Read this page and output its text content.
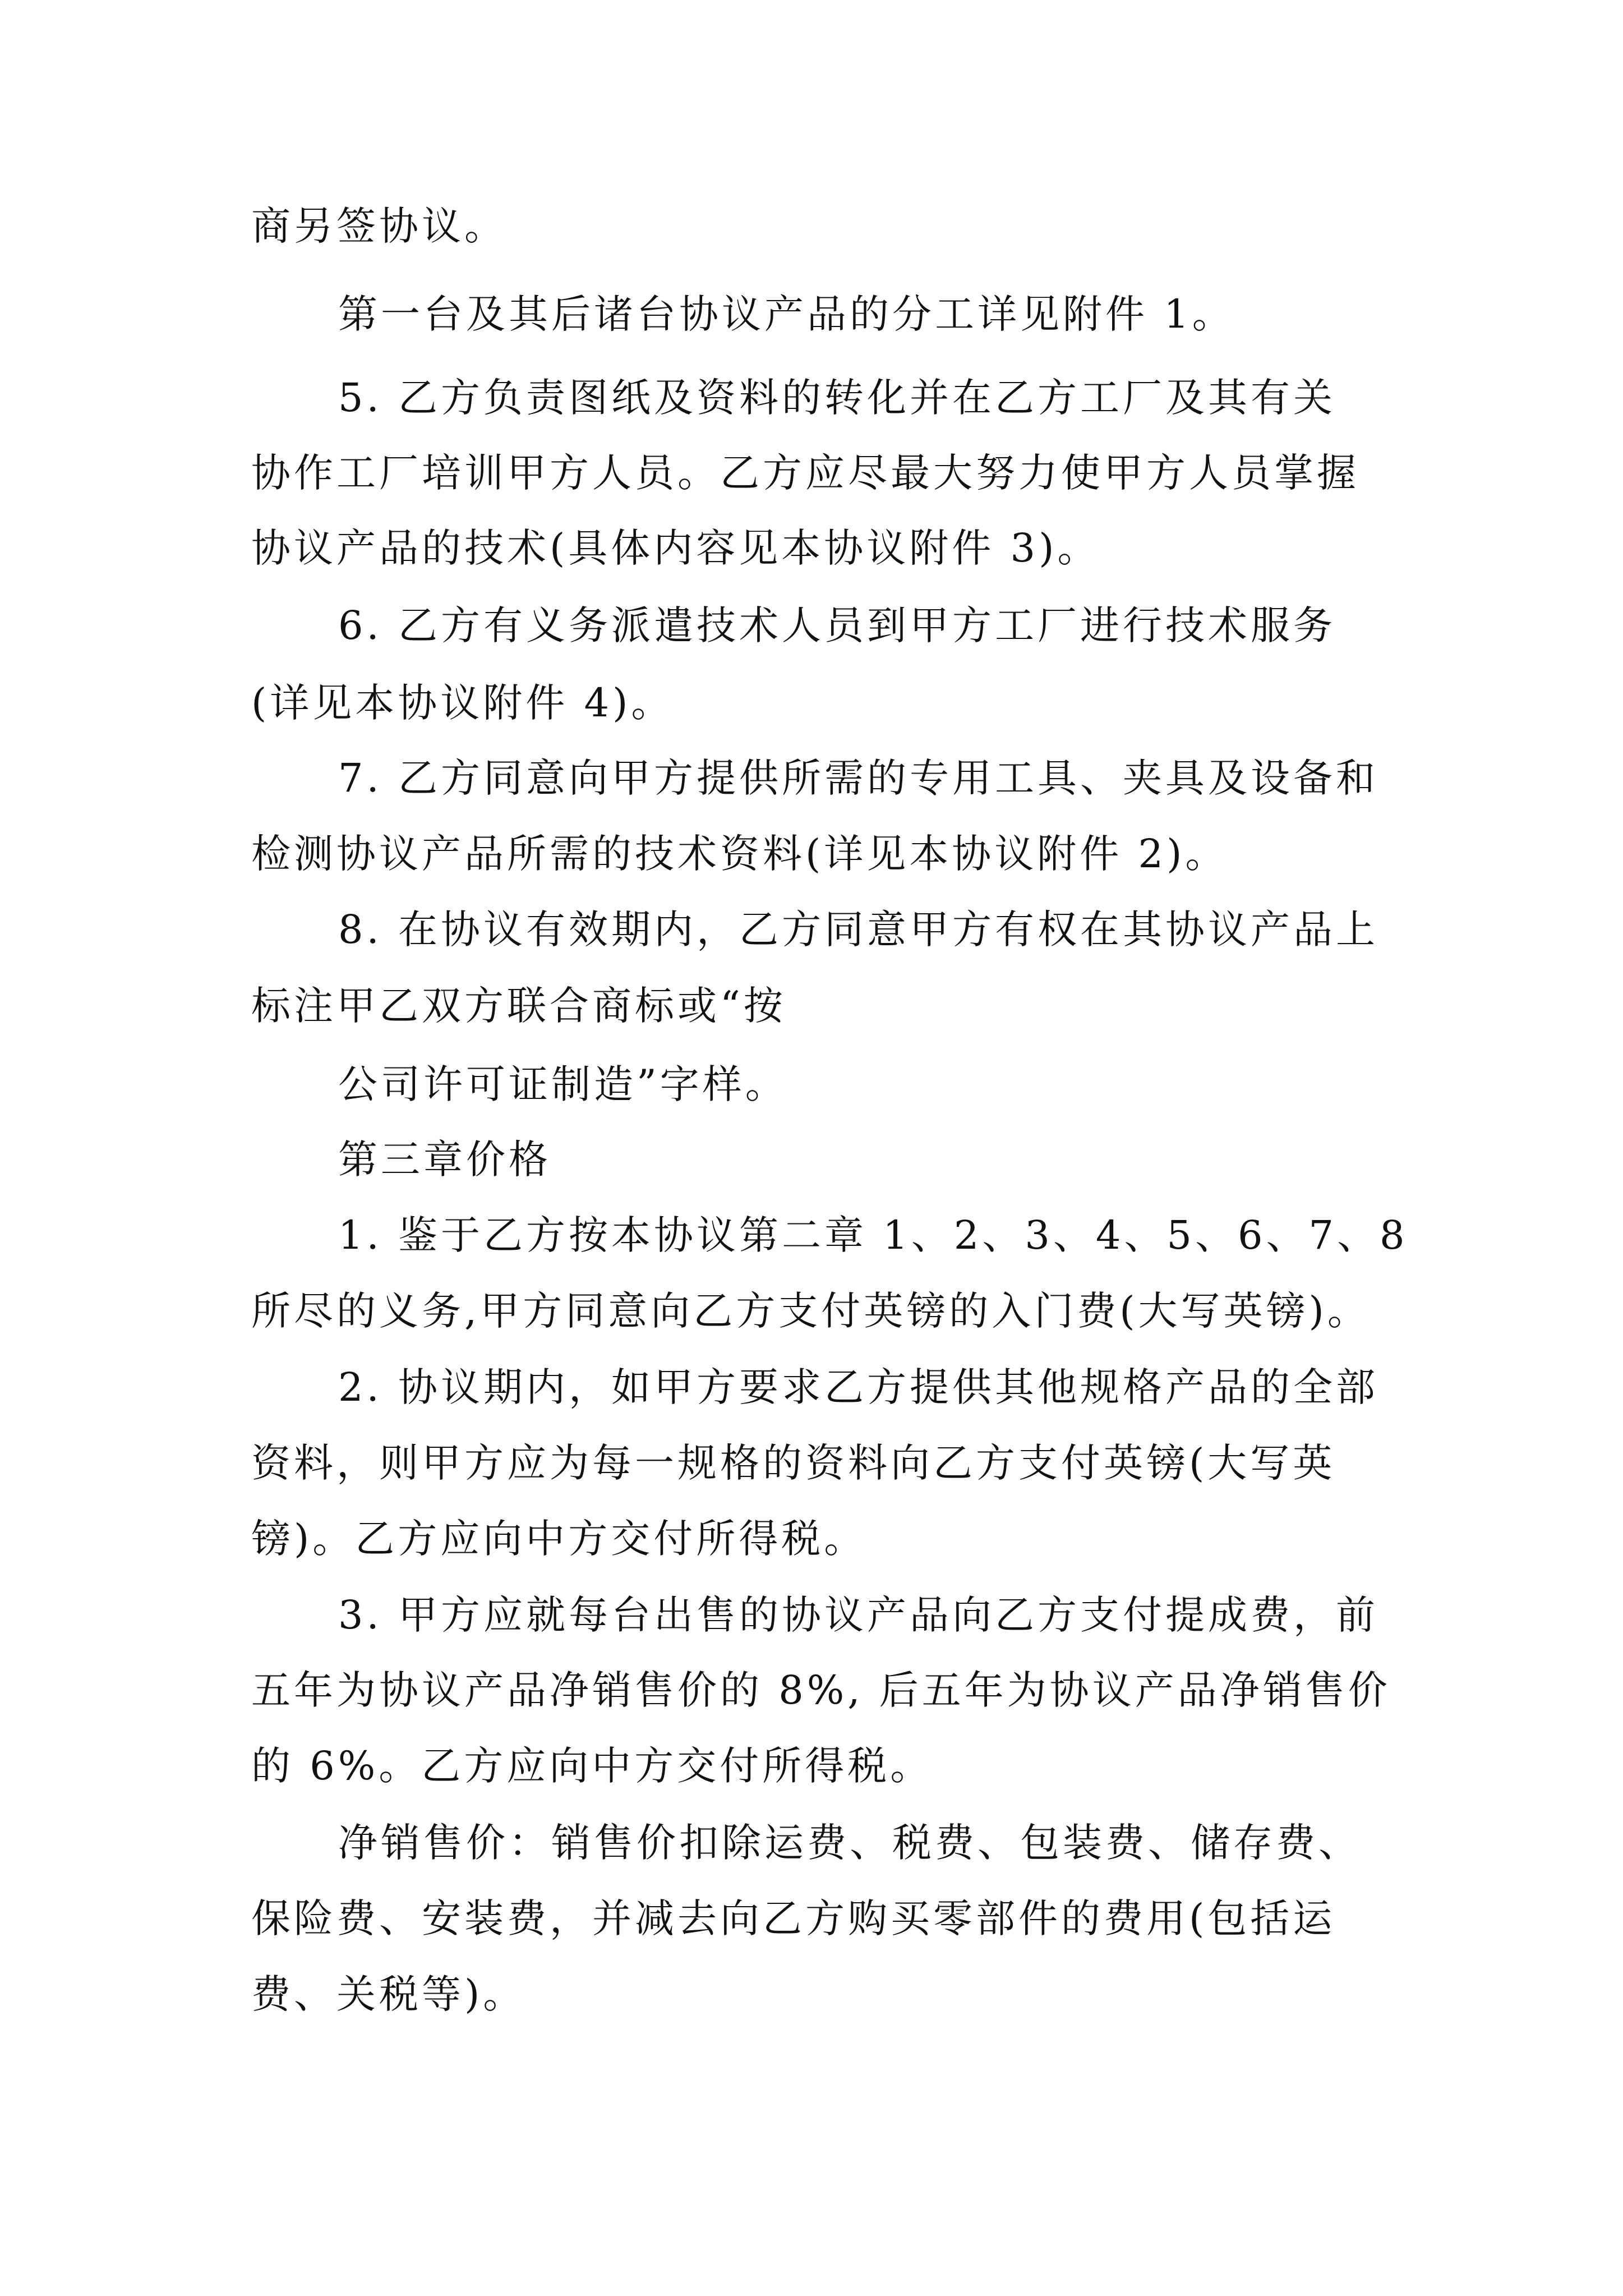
商另签协议。
第一台及其后诸台协议产品的分工详见附件 1。
5. 乙方负责图纸及资料的转化并在乙方工厂及其有关
协作工厂培训甲方人员。乙方应尽最大努力使甲方人员掌握
协议产品的技术(具体内容见本协议附件 3)。
6. 乙方有义务派遣技术人员到甲方工厂进行技术服务
(详见本协议附件 4)。
7. 乙方同意向甲方提供所需的专用工具、夹具及设备和
检测协议产品所需的技术资料(详见本协议附件 2)。
8. 在协议有效期内，乙方同意甲方有权在其协议产品上
标注甲乙双方联合商标或“按
公司许可证制造”字样。
第三章价格
1. 鉴于乙方按本协议第二章 1、2、3、4、5、6、7、8
所尽的义务,甲方同意向乙方支付英镑的入门费(大写英镑)。
2. 协议期内，如甲方要求乙方提供其他规格产品的全部
资料，则甲方应为每一规格的资料向乙方支付英镑(大写英
镑)。乙方应向中方交付所得税。
3. 甲方应就每台出售的协议产品向乙方支付提成费，前
五年为协议产品净销售价的 8%, 后五年为协议产品净销售价
的 6%。乙方应向中方交付所得税。
净销售价：销售价扣除运费、税费、包装费、储存费、
保险费、安装费，并减去向乙方购买零部件的费用(包括运
费、关税等)。
